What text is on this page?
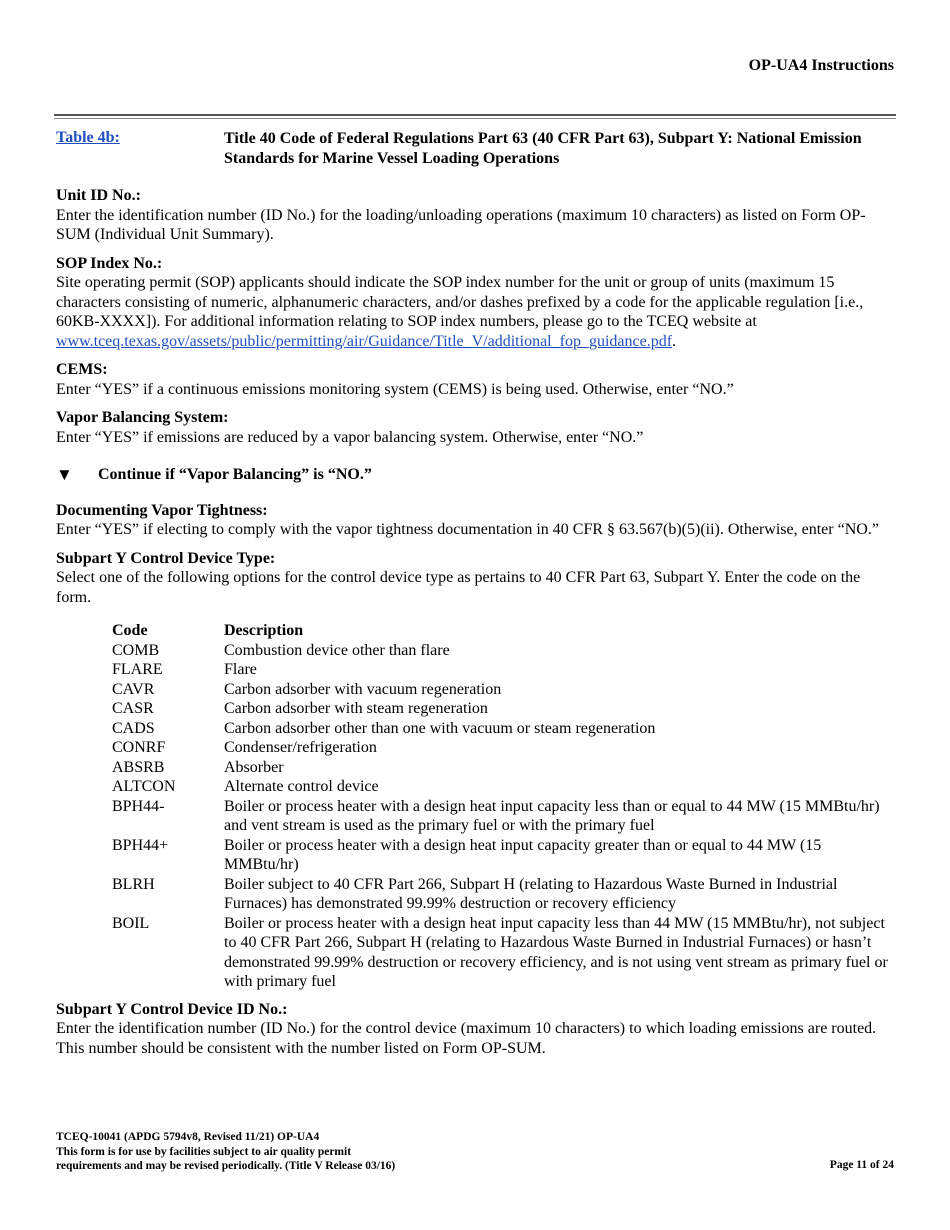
OP-UA4 Instructions
Table 4b:	Title 40 Code of Federal Regulations Part 63 (40 CFR Part 63), Subpart Y: National Emission Standards for Marine Vessel Loading Operations
Unit ID No.:

Enter the identification number (ID No.) for the loading/unloading operations (maximum 10 characters) as listed on Form OP-SUM (Individual Unit Summary).

SOP Index No.:

Site operating permit (SOP) applicants should indicate the SOP index number for the unit or group of units (maximum 15 characters consisting of numeric, alphanumeric characters, and/or dashes prefixed by a code for the applicable regulation [i.e., 60KB-XXXX]). For additional information relating to SOP index numbers, please go to the TCEQ website at www.tceq.texas.gov/assets/public/permitting/air/Guidance/Title_V/additional_fop_guidance.pdf.

CEMS:

Enter “YES” if a continuous emissions monitoring system (CEMS) is being used. Otherwise, enter “NO.”

Vapor Balancing System:

Enter “YES” if emissions are reduced by a vapor balancing system. Otherwise, enter “NO.”

▼	Continue if “Vapor Balancing” is “NO.”
Documenting Vapor Tightness:

Enter “YES” if electing to comply with the vapor tightness documentation in 40 CFR § 63.567(b)(5)(ii). Otherwise, enter “NO.”

Subpart Y Control Device Type:

Select one of the following options for the control device type as pertains to 40 CFR Part 63, Subpart Y. Enter the code on the form.

Code	Description
COMB	Combustion device other than flare
FLARE	Flare
CAVR	Carbon adsorber with vacuum regeneration
CASR	Carbon adsorber with steam regeneration
CADS	Carbon adsorber other than one with vacuum or steam regeneration
CONRF	Condenser/refrigeration
ABSRB	Absorber
ALTCON	Alternate control device
BPH44-	Boiler or process heater with a design heat input capacity less than or equal to 44 MW (15 MMBtu/hr) and vent stream is used as the primary fuel or with the primary fuel
BPH44+	Boiler or process heater with a design heat input capacity greater than or equal to 44 MW (15 MMBtu/hr)
BLRH	Boiler subject to 40 CFR Part 266, Subpart H (relating to Hazardous Waste Burned in Industrial Furnaces) has demonstrated 99.99% destruction or recovery efficiency
BOIL	Boiler or process heater with a design heat input capacity less than 44 MW (15 MMBtu/hr), not subject to 40 CFR Part 266, Subpart H (relating to Hazardous Waste Burned in Industrial Furnaces) or hasn’t demonstrated 99.99% destruction or recovery efficiency, and is not using vent stream as primary fuel or with primary fuel
Subpart Y Control Device ID No.:

Enter the identification number (ID No.) for the control device (maximum 10 characters) to which loading emissions are routed. This number should be consistent with the number listed on Form OP-SUM.

TCEQ-10041 (APDG 5794v8, Revised 11/21) OP-UA4
This form is for use by facilities subject to air quality permit
requirements and may be revised periodically. (Title V Release 03/16)	Page 11 of 24
